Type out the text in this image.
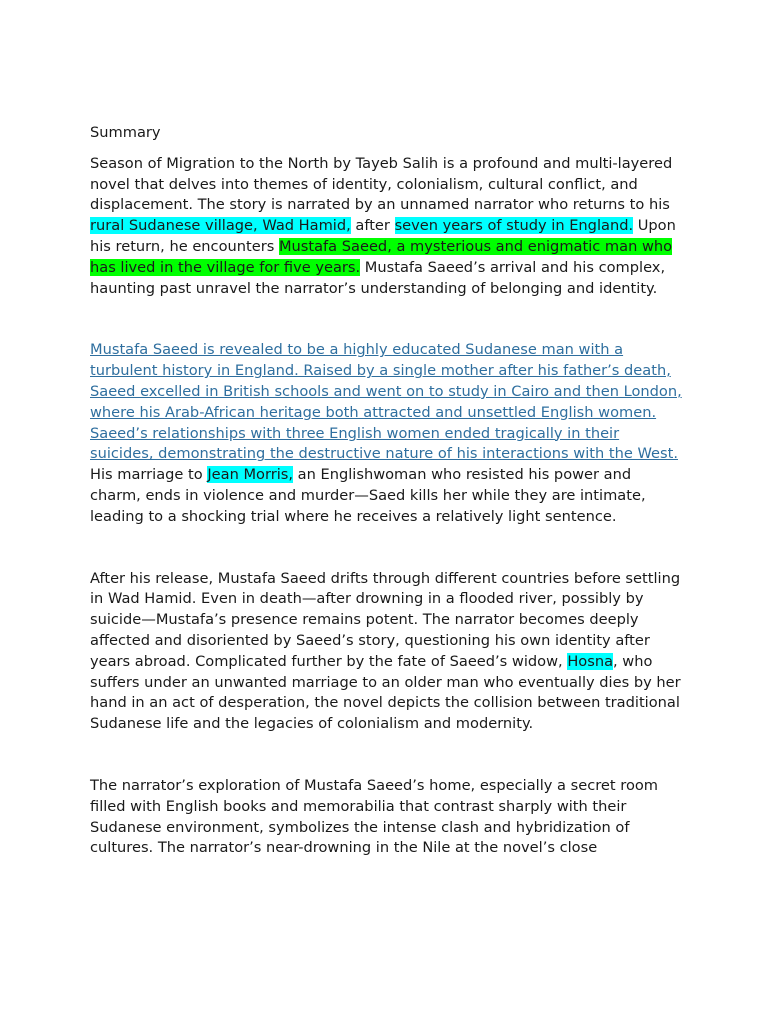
Summary

Season of Migration to the North by Tayeb Salih is a profound and multi-layered novel that delves into themes of identity, colonialism, cultural conflict, and displacement. The story is narrated by an unnamed narrator who returns to his rural Sudanese village, Wad Hamid, after seven years of study in England. Upon his return, he encounters Mustafa Saeed, a mysterious and enigmatic man who has lived in the village for five years. Mustafa Saeed’s arrival and his complex, haunting past unravel the narrator’s understanding of belonging and identity.

Mustafa Saeed is revealed to be a highly educated Sudanese man with a turbulent history in England. Raised by a single mother after his father’s death, Saeed excelled in British schools and went on to study in Cairo and then London, where his Arab-African heritage both attracted and unsettled English women. Saeed’s relationships with three English women ended tragically in their suicides, demonstrating the destructive nature of his interactions with the West. His marriage to Jean Morris, an Englishwoman who resisted his power and charm, ends in violence and murder—Saed kills her while they are intimate, leading to a shocking trial where he receives a relatively light sentence.

After his release, Mustafa Saeed drifts through different countries before settling in Wad Hamid. Even in death—after drowning in a flooded river, possibly by suicide—Mustafa’s presence remains potent. The narrator becomes deeply affected and disoriented by Saeed’s story, questioning his own identity after years abroad. Complicated further by the fate of Saeed’s widow, Hosna, who suffers under an unwanted marriage to an older man who eventually dies by her hand in an act of desperation, the novel depicts the collision between traditional Sudanese life and the legacies of colonialism and modernity.

The narrator’s exploration of Mustafa Saeed’s home, especially a secret room filled with English books and memorabilia that contrast sharply with their Sudanese environment, symbolizes the intense clash and hybridization of cultures. The narrator’s near-drowning in the Nile at the novel’s close
